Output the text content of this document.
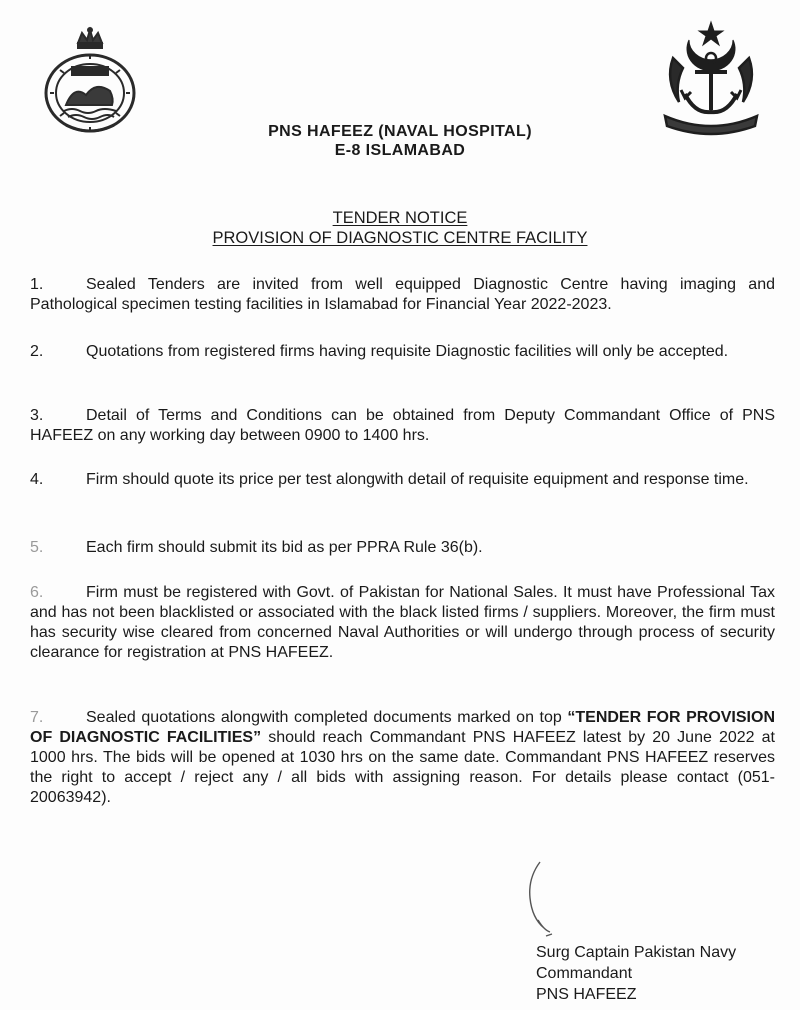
PNS HAFEEZ (NAVAL HOSPITAL)
E-8 ISLAMABAD
TENDER NOTICE
PROVISION OF DIAGNOSTIC CENTRE FACILITY
1.	Sealed Tenders are invited from well equipped Diagnostic Centre having imaging and Pathological specimen testing facilities in Islamabad for Financial Year 2022-2023.
2.	Quotations from registered firms having requisite Diagnostic facilities will only be accepted.
3.	Detail of Terms and Conditions can be obtained from Deputy Commandant Office of PNS HAFEEZ on any working day between 0900 to 1400 hrs.
4.	Firm should quote its price per test alongwith detail of requisite equipment and response time.
5.	Each firm should submit its bid as per PPRA Rule 36(b).
6.	Firm must be registered with Govt. of Pakistan for National Sales. It must have Professional Tax and has not been blacklisted or associated with the black listed firms / suppliers. Moreover, the firm must has security wise cleared from concerned Naval Authorities or will undergo through process of security clearance for registration at PNS HAFEEZ.
7.	Sealed quotations alongwith completed documents marked on top “TENDER FOR PROVISION OF DIAGNOSTIC FACILITIES” should reach Commandant PNS HAFEEZ latest by 20 June 2022 at 1000 hrs. The bids will be opened at 1030 hrs on the same date. Commandant PNS HAFEEZ reserves the right to accept / reject any / all bids with assigning reason. For details please contact (051-20063942).
Surg Captain Pakistan Navy
Commandant
PNS HAFEEZ
